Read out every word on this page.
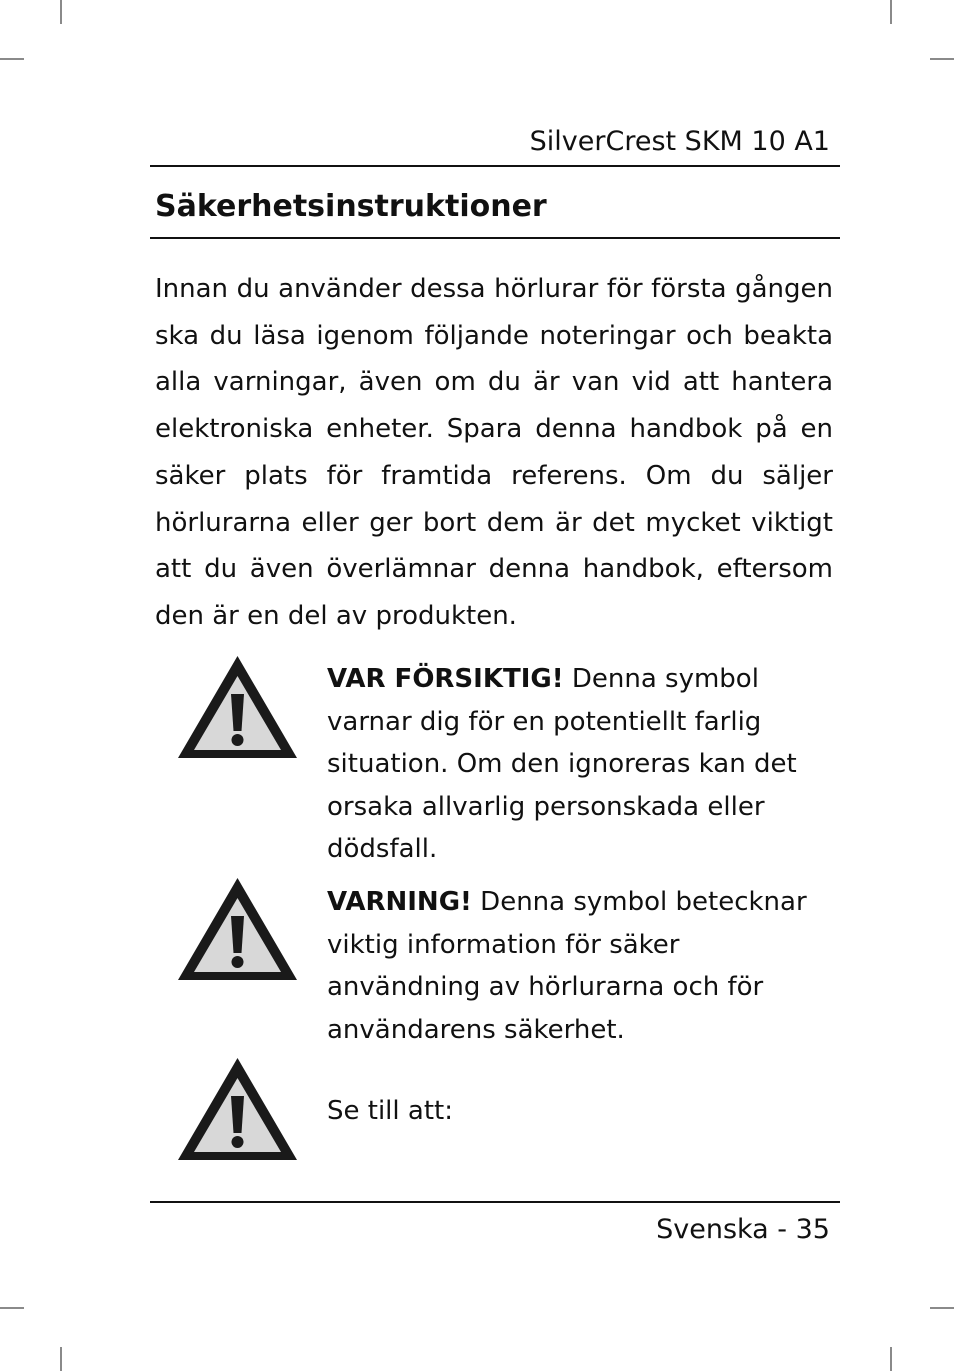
SilverCrest SKM 10 A1
Säkerhetsinstruktioner

Innan du använder dessa hörlurar för första gången ska du läsa igenom följande noteringar och beakta alla varningar, även om du är van vid att hantera elektroniska enheter. Spara denna handbok på en säker plats för framtida referens. Om du säljer hörlurarna eller ger bort dem är det mycket viktigt att du även överlämnar denna handbok, eftersom den är en del av produkten.

VAR FÖRSIKTIG! Denna symbol varnar dig för en potentiellt farlig situation. Om den ignoreras kan det orsaka allvarlig personskada eller dödsfall.

VARNING! Denna symbol betecknar viktig information för säker användning av hörlurarna och för användarens säkerhet.

Se till att:

Svenska - 35
